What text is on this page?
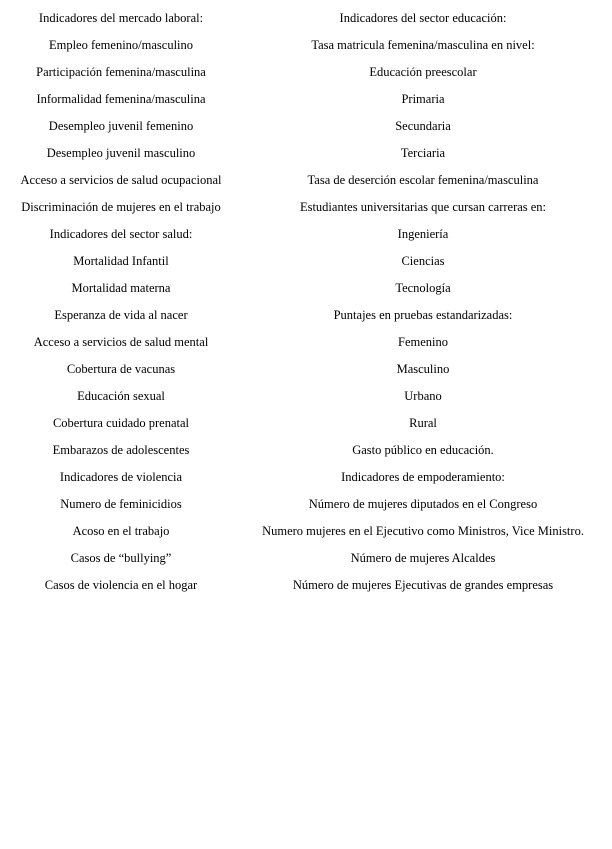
Indicadores del mercado laboral:	Indicadores del sector educación:
Empleo femenino/masculino	Tasa matricula femenina/masculina en nivel:
Participación femenina/masculina	Educación preescolar
Informalidad femenina/masculina	Primaria
Desempleo juvenil femenino	Secundaria
Desempleo juvenil masculino	Terciaria
Acceso a servicios de salud ocupacional	Tasa de deserción escolar femenina/masculina
Discriminación de mujeres en el trabajo	Estudiantes universitarias que cursan carreras en:
Indicadores del sector salud:	Ingeniería
Mortalidad Infantil	Ciencias
Mortalidad materna	Tecnología
Esperanza de vida al nacer	Puntajes en pruebas estandarizadas:
Acceso a servicios de salud mental	Femenino
Cobertura de vacunas	Masculino
Educación sexual	Urbano
Cobertura cuidado prenatal	Rural
Embarazos de adolescentes	Gasto público en educación.
Indicadores de violencia	Indicadores de empoderamiento:
Numero de feminicidios	Número de mujeres diputados en el Congreso
Acoso en el trabajo	Numero mujeres en el Ejecutivo como Ministros, Vice Ministro.
Casos de “bullying”	Número de mujeres Alcaldes
Casos de violencia en el hogar	Número de mujeres Ejecutivas de grandes empresas
